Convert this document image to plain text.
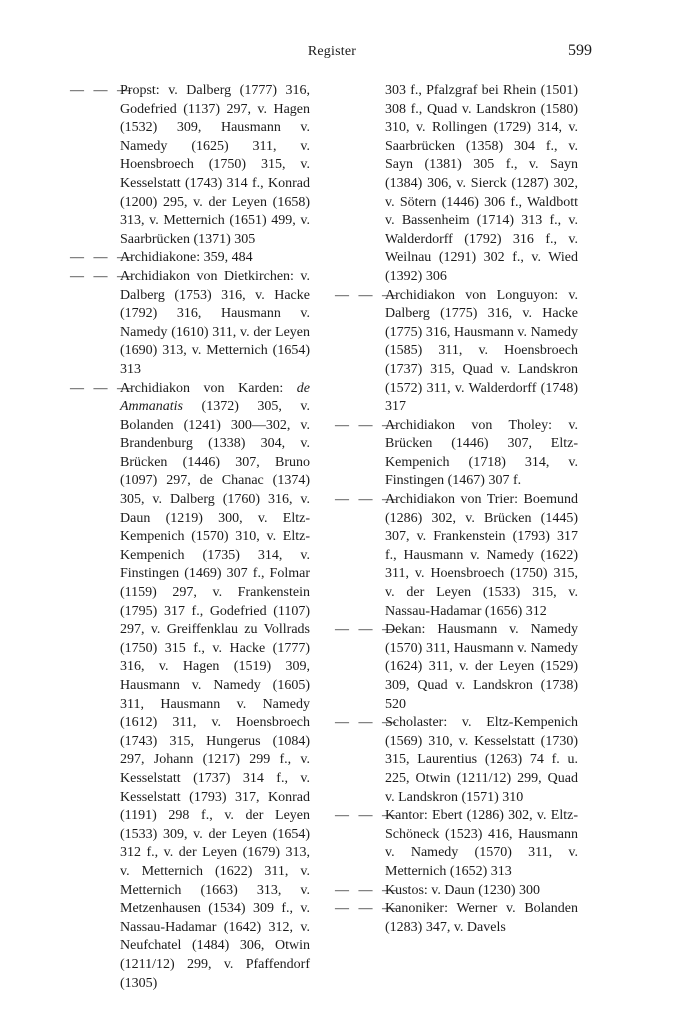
Register	599
— — —
Propst: v. Dalberg (1777) 316, Godefried (1137) 297, v. Hagen (1532) 309, Hausmann v. Namedy (1625) 311, v. Hoensbroech (1750) 315, v. Kesselstatt (1743) 314 f., Konrad (1200) 295, v. der Leyen (1658) 313, v. Metternich (1651) 499, v. Saarbrücken (1371) 305
— — —
Archidiakone: 359, 484
— — —
Archidiakon von Dietkirchen: v. Dalberg (1753) 316, v. Hacke (1792) 316, Hausmann v. Namedy (1610) 311, v. der Leyen (1690) 313, v. Metternich (1654) 313
— — —
Archidiakon von Karden: de Ammanatis (1372) 305, v. Bolanden (1241) 300—302, v. Brandenburg (1338) 304, v. Brücken (1446) 307, Bruno (1097) 297, de Chanac (1374) 305, v. Dalberg (1760) 316, v. Daun (1219) 300, v. Eltz-Kempenich (1570) 310, v. Eltz-Kempenich (1735) 314, v. Finstingen (1469) 307 f., Folmar (1159) 297, v. Frankenstein (1795) 317 f., Godefried (1107) 297, v. Greiffenklau zu Vollrads (1750) 315 f., v. Hacke (1777) 316, v. Hagen (1519) 309, Hausmann v. Namedy (1605) 311, Hausmann v. Namedy (1612) 311, v. Hoensbroech (1743) 315, Hungerus (1084) 297, Johann (1217) 299 f., v. Kesselstatt (1737) 314 f., v. Kesselstatt (1793) 317, Konrad (1191) 298 f., v. der Leyen (1533) 309, v. der Leyen (1654) 312 f., v. der Leyen (1679) 313, v. Metternich (1622) 311, v. Metternich (1663) 313, v. Metzenhausen (1534) 309 f., v. Nassau-Hadamar (1642) 312, v. Neufchatel (1484) 306, Otwin (1211/12) 299, v. Pfaffendorf (1305)
303 f., Pfalzgraf bei Rhein (1501) 308 f., Quad v. Landskron (1580) 310, v. Rollingen (1729) 314, v. Saarbrücken (1358) 304 f., v. Sayn (1381) 305 f., v. Sayn (1384) 306, v. Sierck (1287) 302, v. Sötern (1446) 306 f., Waldbott v. Bassenheim (1714) 313 f., v. Walderdorff (1792) 316 f., v. Weilnau (1291) 302 f., v. Wied (1392) 306
— — —
Archidiakon von Longuyon: v. Dalberg (1775) 316, v. Hacke (1775) 316, Hausmann v. Namedy (1585) 311, v. Hoensbroech (1737) 315, Quad v. Landskron (1572) 311, v. Walderdorff (1748) 317
— — —
Archidiakon von Tholey: v. Brücken (1446) 307, Eltz-Kempenich (1718) 314, v. Finstingen (1467) 307 f.
— — —
Archidiakon von Trier: Boemund (1286) 302, v. Brücken (1445) 307, v. Frankenstein (1793) 317 f., Hausmann v. Namedy (1622) 311, v. Hoensbroech (1750) 315, v. der Leyen (1533) 315, v. Nassau-Hadamar (1656) 312
— — —
Dekan: Hausmann v. Namedy (1570) 311, Hausmann v. Namedy (1624) 311, v. der Leyen (1529) 309, Quad v. Landskron (1738) 520
— — —
Scholaster: v. Eltz-Kempenich (1569) 310, v. Kesselstatt (1730) 315, Laurentius (1263) 74 f. u. 225, Otwin (1211/12) 299, Quad v. Landskron (1571) 310
— — —
Kantor: Ebert (1286) 302, v. Eltz-Schöneck (1523) 416, Hausmann v. Namedy (1570) 311, v. Metternich (1652) 313
— — —
Kustos: v. Daun (1230) 300
— — —
Kanoniker: Werner v. Bolanden (1283) 347, v. Davels
